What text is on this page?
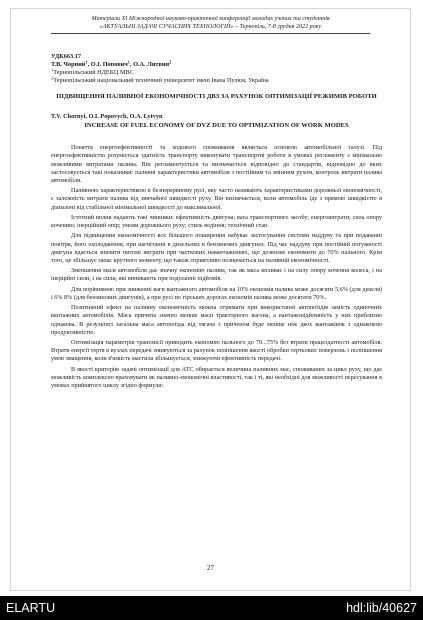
Матеріали XI Міжнародної науково-практичної конференції молодих учених та студентів
«АКТУАЛЬНІ ЗАДАЧІ СУЧАСНИХ ТЕХНОЛОГІЙ» – Тернопіль, 7-8 грудня 2022 року

УДК663.17

Т.В. Чорний$^1$, О.І. Попович$^1$, О.А. Литвин$^2$

$^1$Тернопільський НДЕКЦ МВС

$^2$Тернопільський національний технічний університет імені Івана Пулюя, Україна

ПІДВИЩЕННЯ ПАЛИВНОЇ ЕКОНОМІЧНОСТІ ДВЗ ЗА РАХУНОК ОПТИМІЗАЦІЇ РЕЖИМІВ РОБОТИ
T.V. Chornyi, O.I. Popovych, O.A. Lytvyn
INCREASE OF FUEL ECONOMY OF DVZ DUE TO OPTIMIZATION OF WORK MODES

Поняття енергоефективності та ходового споживання являється основою автомобільної галузі. Під енергоефективністю розуміється здатність транспорту виконувати транспортні роботи в умовах регламенту з мінімально можливими витратами палива. Він регламентується та визначається відповідно до стандартів, відповідно до яких застосовується такі показники: паливні характеристики автомобіля з постійним та змінним рухом, контроль витрати палива автомобіля.

Паливною характеристикою в безперервному русі, яку часто називають характеристиками дорожньої економічності, є залежність витрати палива від звичайної швидкості руху. Він визначається, коли автомобіль їде з прямою швидкістю в діапазоні від стабільної мінімальної швидкості до максимальної.

Істотний вплив надають такі чинники: ефективність двигуна; вага транспортного засобу; енерговитрати; сила опору кочению; інерційний опір; умови дорожнього руху; стиль водіння; технічний стан.

Для підвищення економічності все більшого поширення набуває застосування системи наддуву та при подаванні повітря, його охолодження, при нагнітанні в дизельних в бензинових двигунах. Під час наддуву при постійній потужності двигуна вдається знизити питомі витрати при часткових навантаженнях, що дозволяє економити до 70% пального. Крім того, це збільшує запас крутного моменту, що також сприятливо позначається на паливній економічності.

Зменшення маси автомобіля дає значну економію палива, так як маса впливає і на силу опору кочення колеса, і на інерційні сили, і на сили, які виникають при подоланні підйомів.

Для порівняння: при зниженні ваги вантажного автомобіля на 10% економія палива може досягати 5,6% (для дизеля) і 6% 8% (для бензинових двигунів), а при русі по гірських дорогах економія палива може досягати 70%.

Позитивний ефект на паливну економічність можна отримати при використанні автопоїздів замість одиночних вантажних автомобілів. Маса причепа значно менше маси тракторного вагона, а вантажопідйомність у них приблизно однакова. В результаті загальна маса автопоїзда від тягача з причепом буде менше ніж двох вантажівок з однаковою продуктивністю.

Оптимізація параметрів трансмісії приводить економію пального до 70...75% без втрати працездатності автомобіля. Втрати енергії тертя в вузлах передачі знижуються за рахунок поліпшення якості обробки тертьових поверхонь і поліпшення умов змащення, коли в'язкість мастила збільшується, знижуючи ефективність передачі.

В якості критерію задачі оптимізації для АТС обирається величина паливних мас, споживаних за цикл руху, що дає можливість комплексно враховувати як паливно-економічні властивості, так і ті, які необхідні для можливості пересування в умовах прийнятого циклу згідно формули:

27
ELARTU	hdl:lib/40627
